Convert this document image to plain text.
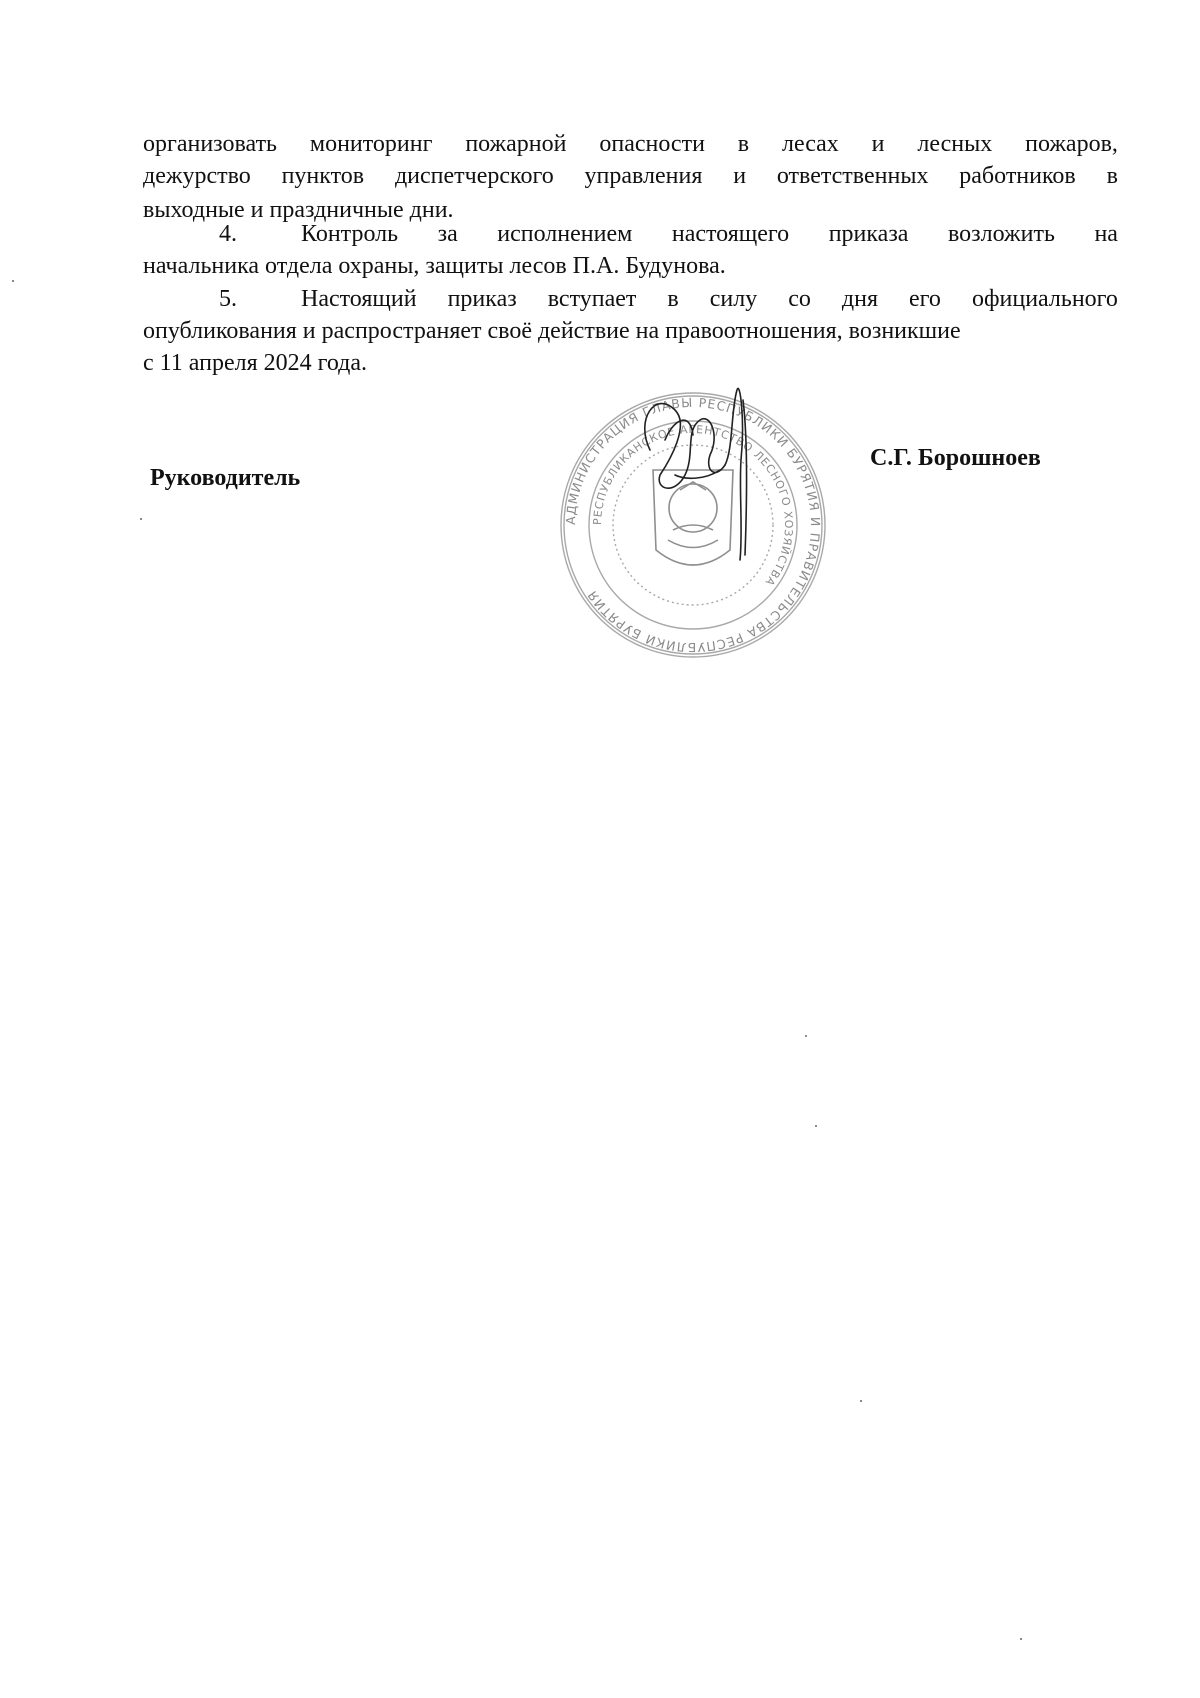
организовать мониторинг пожарной опасности в лесах и лесных пожаров,
дежурство пунктов диспетчерского управления и ответственных работников в
выходные и праздничные дни.
4.	Контроль за исполнением настоящего приказа возложить на
начальника отдела охраны, защиты лесов П.А. Будунова.
5.	Настоящий приказ вступает в силу со дня его официального
опубликования и распространяет своё действие на правоотношения, возникшие
с 11 апреля 2024 года.
Руководитель
С.Г. Борошноев
АДМИНИСТРАЦИЯ ГЛАВЫ РЕСПУБЛИКИ БУРЯТИЯ И ПРАВИТЕЛЬСТВА РЕСПУБЛИКИ БУРЯТИЯ
РЕСПУБЛИКАНСКОЕ АГЕНТСТВО ЛЕСНОГО ХОЗЯЙСТВА
